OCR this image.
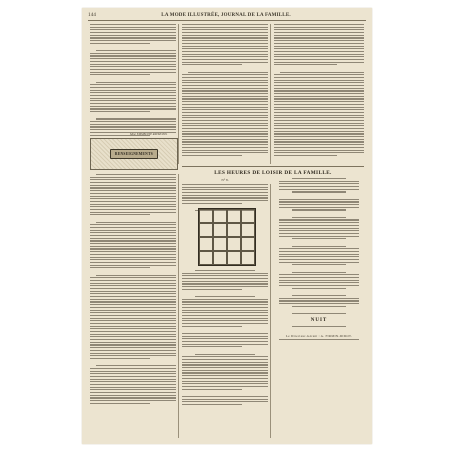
144	LA MODE ILLUSTRÉE, JOURNAL DE LA FAMILLE.
Mme EMMELINE RAYMOND.
RENSEIGNEMENTS
LES HEURES DE LOISIR DE LA FAMILLE.
N° 8.
NUIT
Le Directeur-Gérant : A. FIRMIN-DIDOT.
